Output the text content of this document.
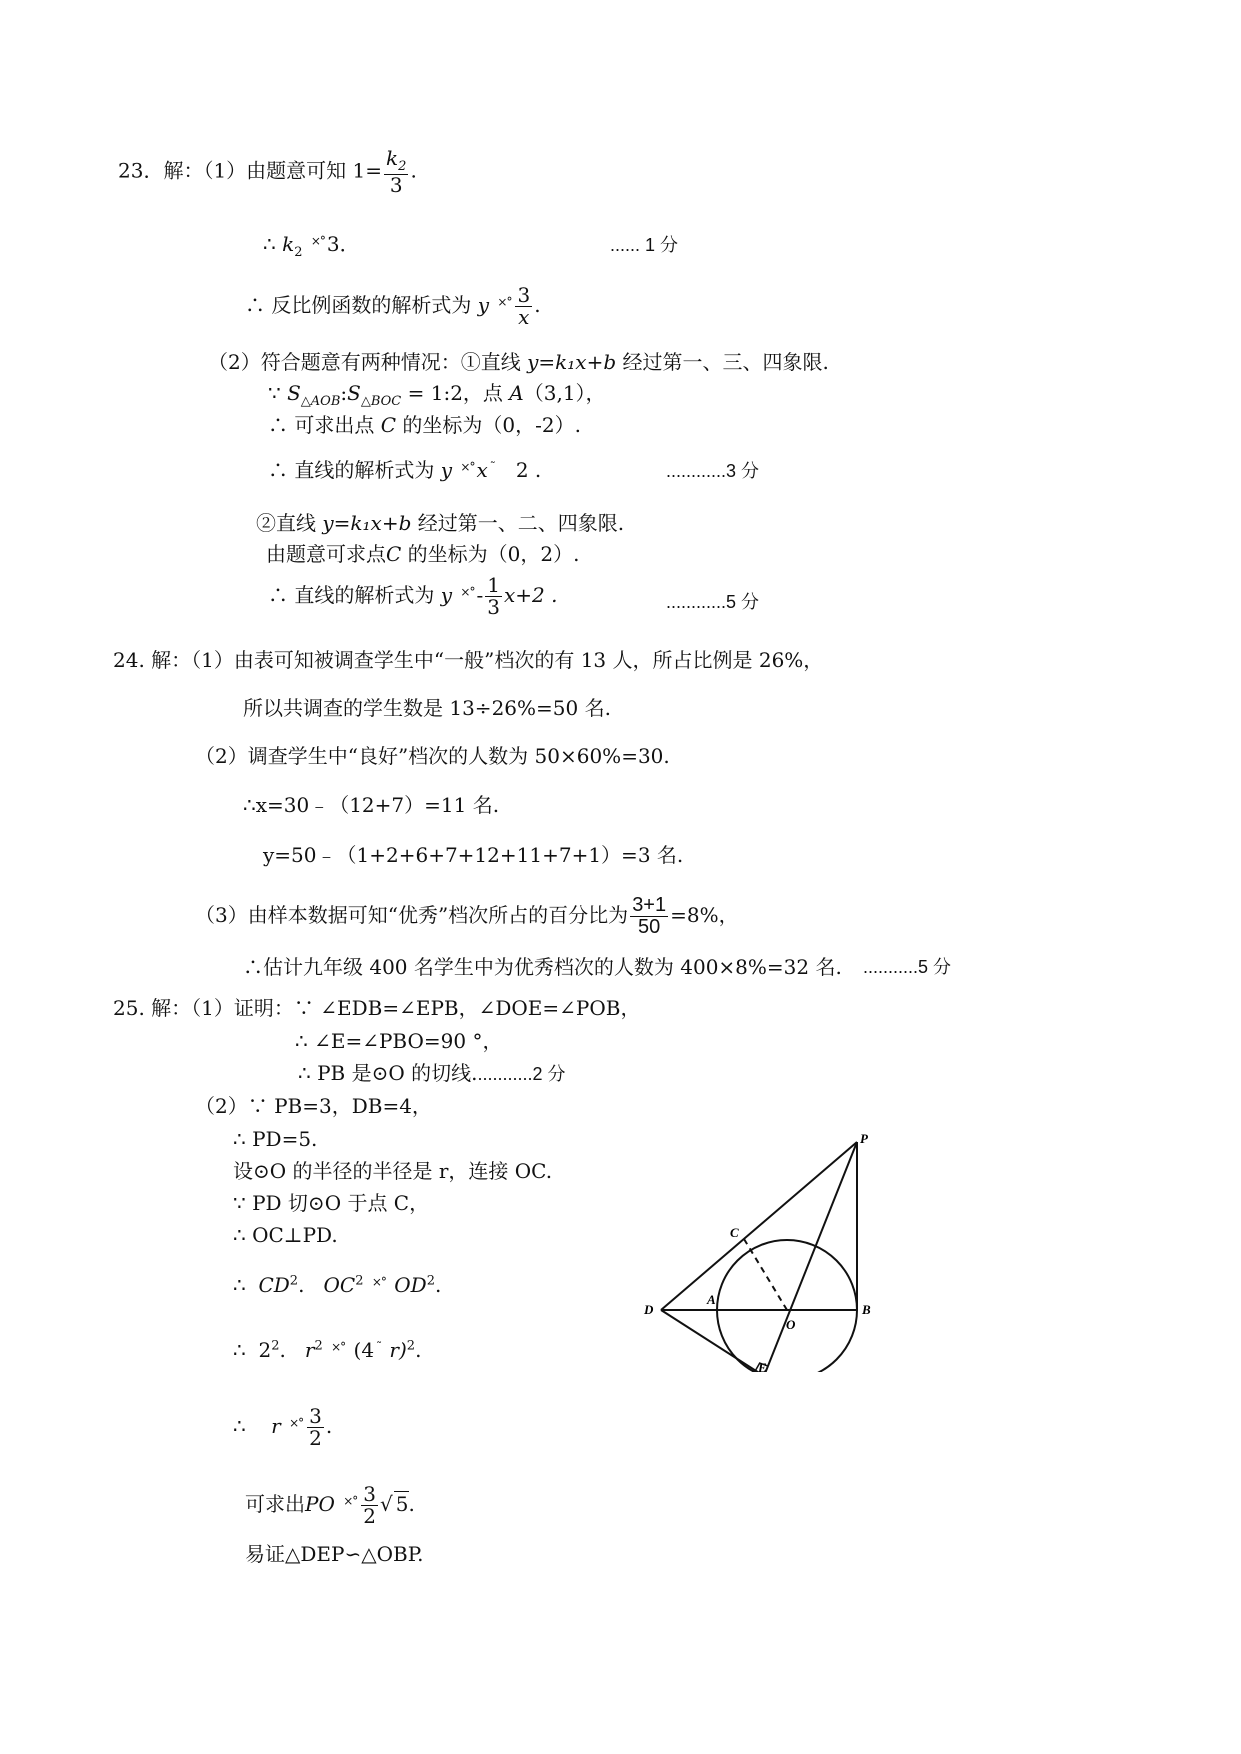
23．解：（1）由题意可知 $1= \frac{k_2}{3}$ .
∴ $k_2$ ×° 3．	...... 1 分
∴ 反比例函数的解析式为 y $^{\times^\circ} \frac{3}{x}$ .
（2）符合题意有两种情况：①直线 y=k₁x+b 经过第一、三、四象限.
∵ $S_{\triangle AOB}:S_{\triangle BOC}$ = 1:2，点 A（3,1），
∴ 可求出点 C 的坐标为（0，-2）.
∴ 直线的解析式为 y ×° x ˜ 2 .	............3 分
②直线 y=k₁x+b 经过第一、二、四象限.
由题意可求点C 的坐标为（0，2）.
∴ 直线的解析式为 y $^{\times^\circ} - \frac{1}{3} x+2$ .	............5 分
24. 解：（1）由表可知被调查学生中“一般”档次的有 13 人，所占比例是 26%，
所以共调查的学生数是 13÷26%=50 名.
（2）调查学生中“良好”档次的人数为 50×60%=30.
∴x=30﹣（12+7）=11 名.
y=50﹣（1+2+6+7+12+11+7+1）=3 名.
（3）由样本数据可知“优秀”档次所占的百分比为 $\frac{3+1}{50} =8\%$，
∴估计九年级 400 名学生中为优秀档次的人数为 400×8%=32 名. ...........5 分
25. 解：（1）证明：∵ ∠EDB=∠EPB，∠DOE=∠POB，
∴ ∠E=∠PBO=90 °，
∴ PB 是⊙O 的切线............2 分
（2）∵ PB=3，DB=4，
∴ PD=5.
设⊙O 的半径的半径是 r，连接 OC.
∵ PD 切⊙O 于点 C，
∴ OC⊥PD.
∴ $CD^2$. $OC^2$ ×° $OD^2$.
∴ $2^2$. $r^2$ ×° (4 ˜ r)$^2$.
∴ r $^{\times^\circ} \frac{3}{2}$ .
可求出PO $^{\times^\circ} \frac{3}{2}$ √ 5.
易证△DEP∽△OBP.
P
C
D
A
O
B
E
